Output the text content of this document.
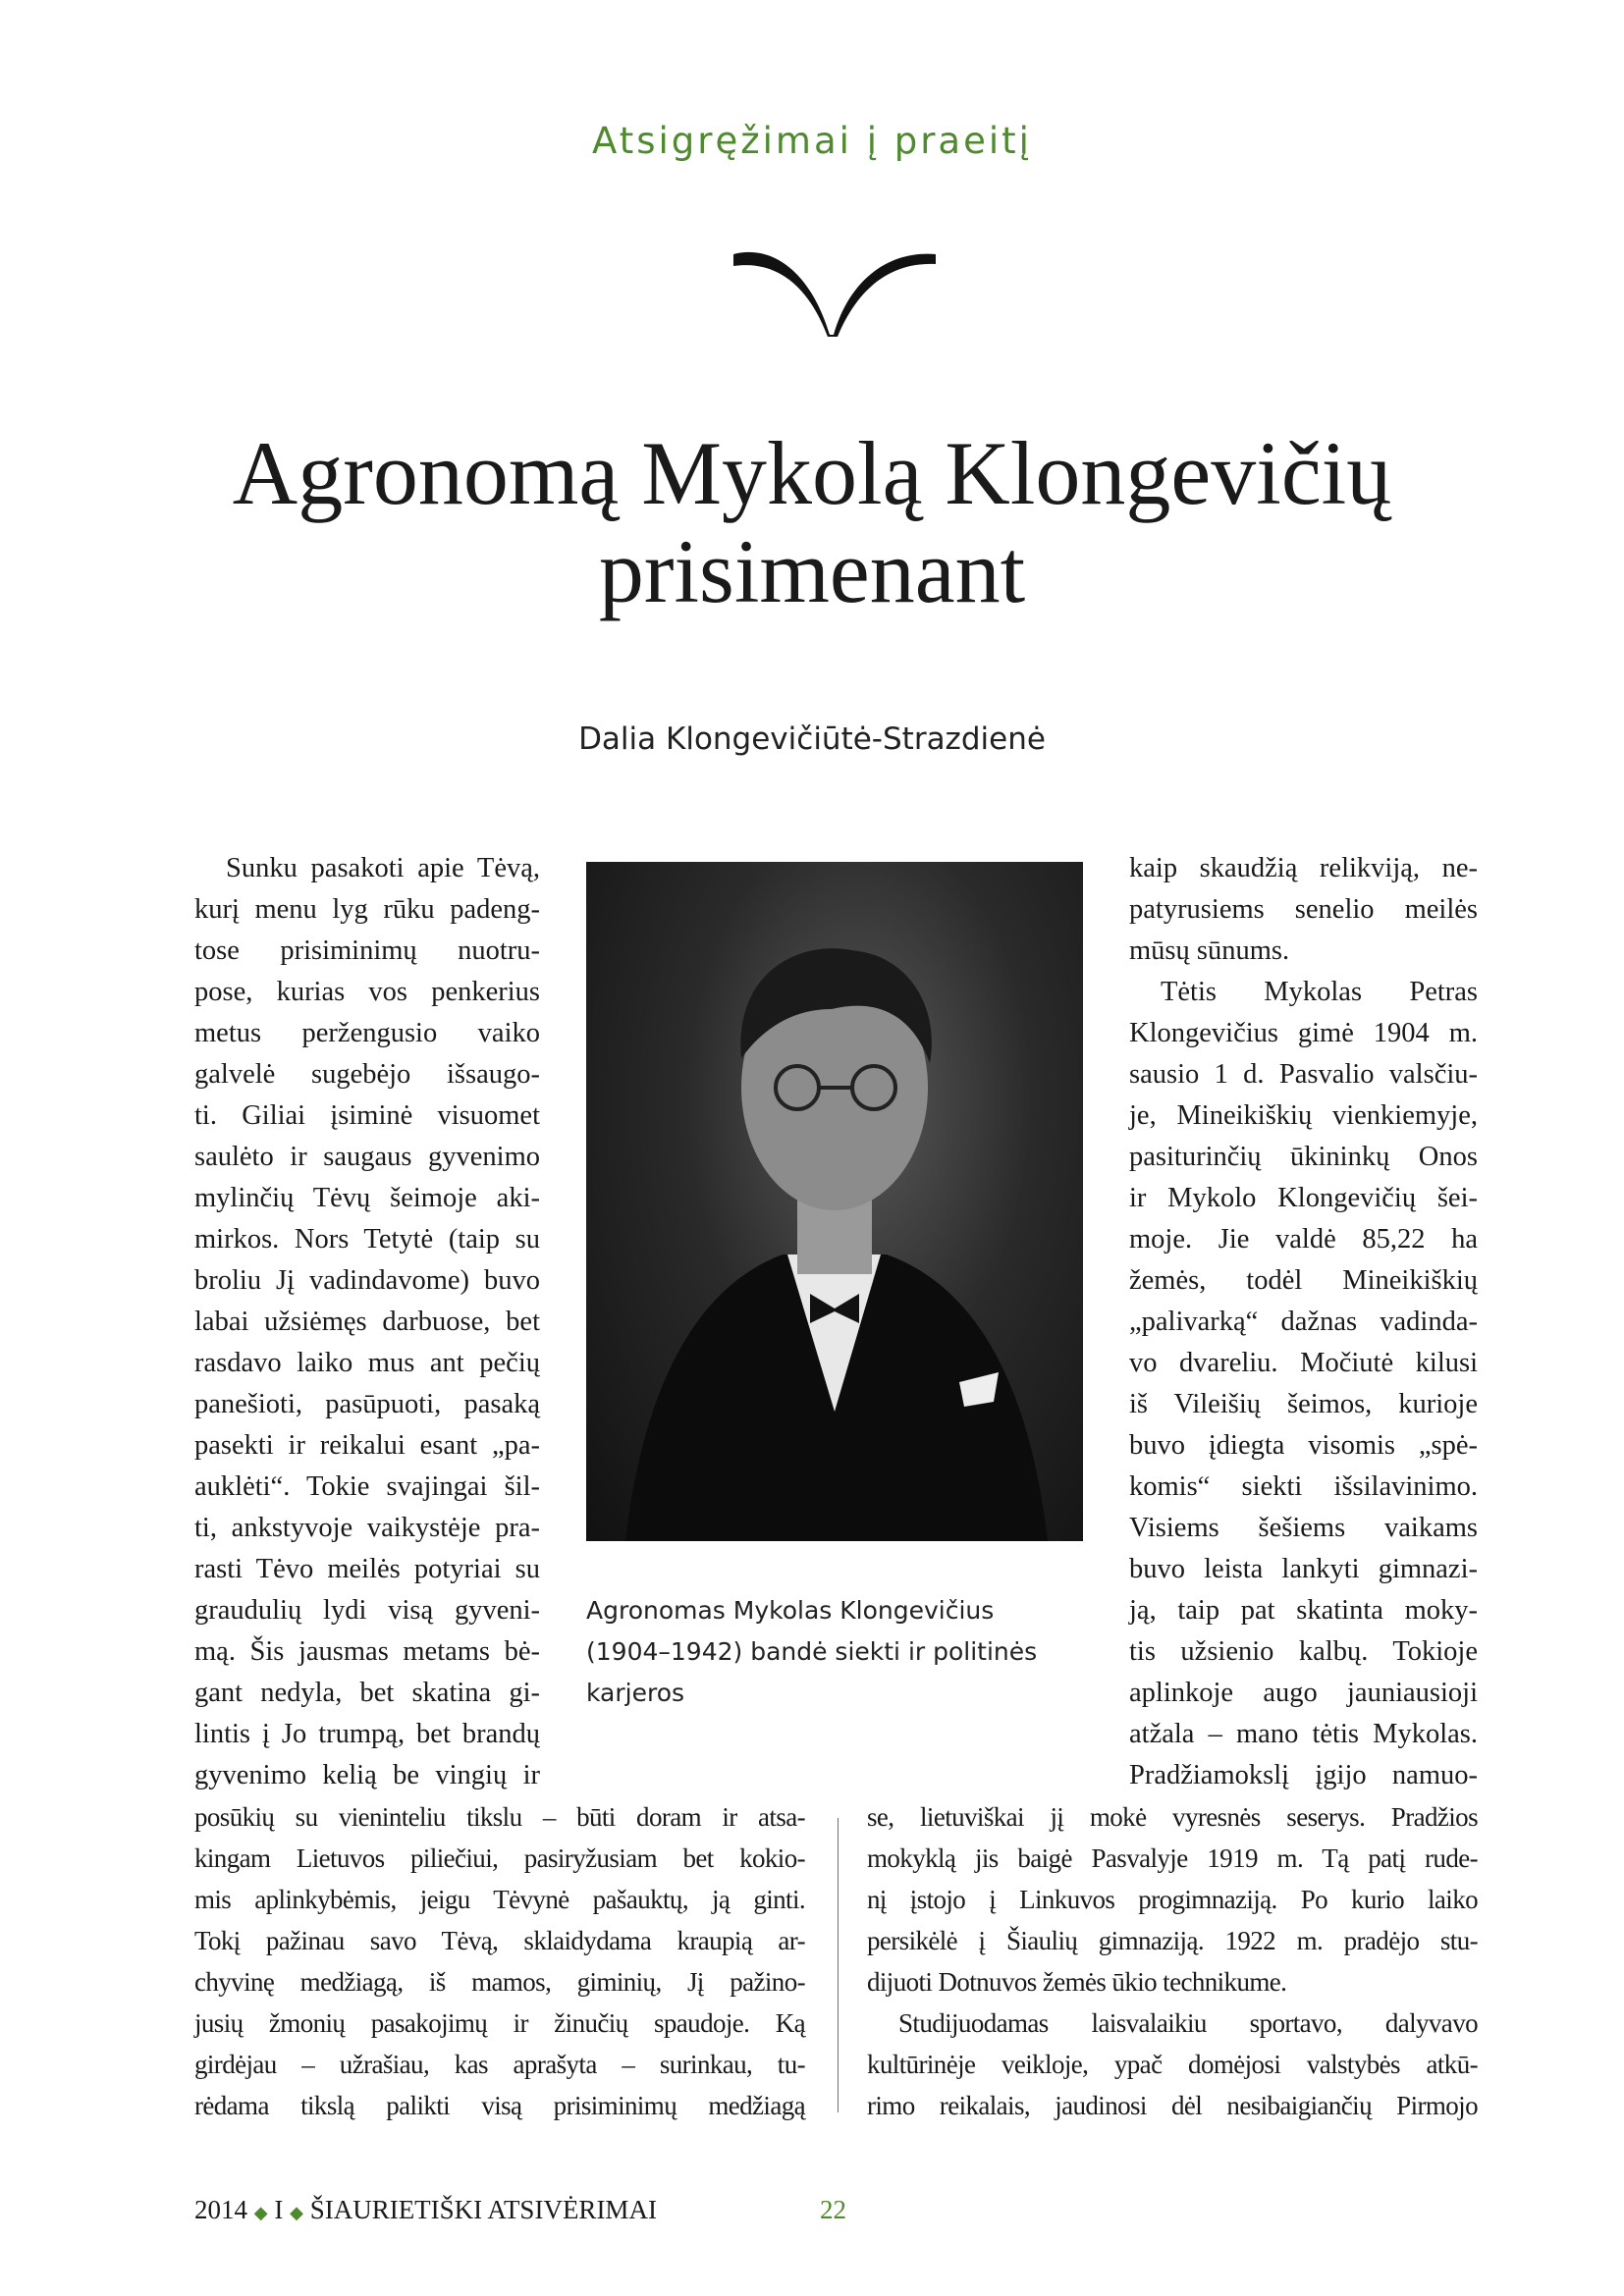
Atsigręžimai į praeitį
Agronomą Mykolą Klongevičių
prisimenant
Dalia Klongevičiūtė-Strazdienė
Sunku pasakoti apie Tėvą,
kurį menu lyg rūku padeng-
tose prisiminimų nuotru-
pose, kurias vos penkerius
metus peržengusio vaiko
galvelė sugebėjo išsaugo-
ti. Giliai įsiminė visuomet
saulėto ir saugaus gyvenimo
mylinčių Tėvų šeimoje aki-
mirkos. Nors Tetytė (taip su
broliu Jį vadindavome) buvo
labai užsiėmęs darbuose, bet
rasdavo laiko mus ant pečių
panešioti, pasūpuoti, pasaką
pasekti ir reikalui esant „pa-
auklėti“. Tokie svajingai šil-
ti, ankstyvoje vaikystėje pra-
rasti Tėvo meilės potyriai su
graudulių lydi visą gyveni-
mą. Šis jausmas metams bė-
gant nedyla, bet skatina gi-
lintis į Jo trumpą, bet brandų
gyvenimo kelią be vingių ir
posūkių su vieninteliu tikslu – būti doram ir atsa-
kingam Lietuvos piliečiui, pasiryžusiam bet kokio-
mis aplinkybėmis, jeigu Tėvynė pašauktų, ją ginti.
Tokį pažinau savo Tėvą, sklaidydama kraupią ar-
chyvinę medžiagą, iš mamos, giminių, Jį pažino-
jusių žmonių pasakojimų ir žinučių spaudoje. Ką
girdėjau – užrašiau, kas aprašyta – surinkau, tu-
rėdama tikslą palikti visą prisiminimų medžiagą
kaip skaudžią relikviją, ne-
patyrusiems senelio meilės
mūsų sūnums.
Tėtis Mykolas Petras
Klongevičius gimė 1904 m.
sausio 1 d. Pasvalio valsčiu-
je, Mineikiškių vienkiemyje,
pasiturinčių ūkininkų Onos
ir Mykolo Klongevičių šei-
moje. Jie valdė 85,22 ha
žemės, todėl Mineikiškių
„palivarką“ dažnas vadinda-
vo dvareliu. Močiutė kilusi
iš Vileišių šeimos, kurioje
buvo įdiegta visomis „spė-
komis“ siekti išsilavinimo.
Visiems šešiems vaikams
buvo leista lankyti gimnazi-
ją, taip pat skatinta moky-
tis užsienio kalbų. Tokioje
aplinkoje augo jauniausioji
atžala – mano tėtis Mykolas.
Pradžiamokslį įgijo namuo-
se, lietuviškai jį mokė vyresnės seserys. Pradžios
mokyklą jis baigė Pasvalyje 1919 m. Tą patį rude-
nį įstojo į Linkuvos progimnaziją. Po kurio laiko
persikėlė į Šiaulių gimnaziją. 1922 m. pradėjo stu-
dijuoti Dotnuvos žemės ūkio technikume.
Studijuodamas laisvalaikiu sportavo, dalyvavo
kultūrinėje veikloje, ypač domėjosi valstybės atkū-
rimo reikalais, jaudinosi dėl nesibaigiančių Pirmojo
Agronomas Mykolas Klongevičius
(1904–1942) bandė siekti ir politinės
karjeros
2014 ◆ I ◆ ŠIAURIETIŠKI ATSIVĖRIMAI	22
